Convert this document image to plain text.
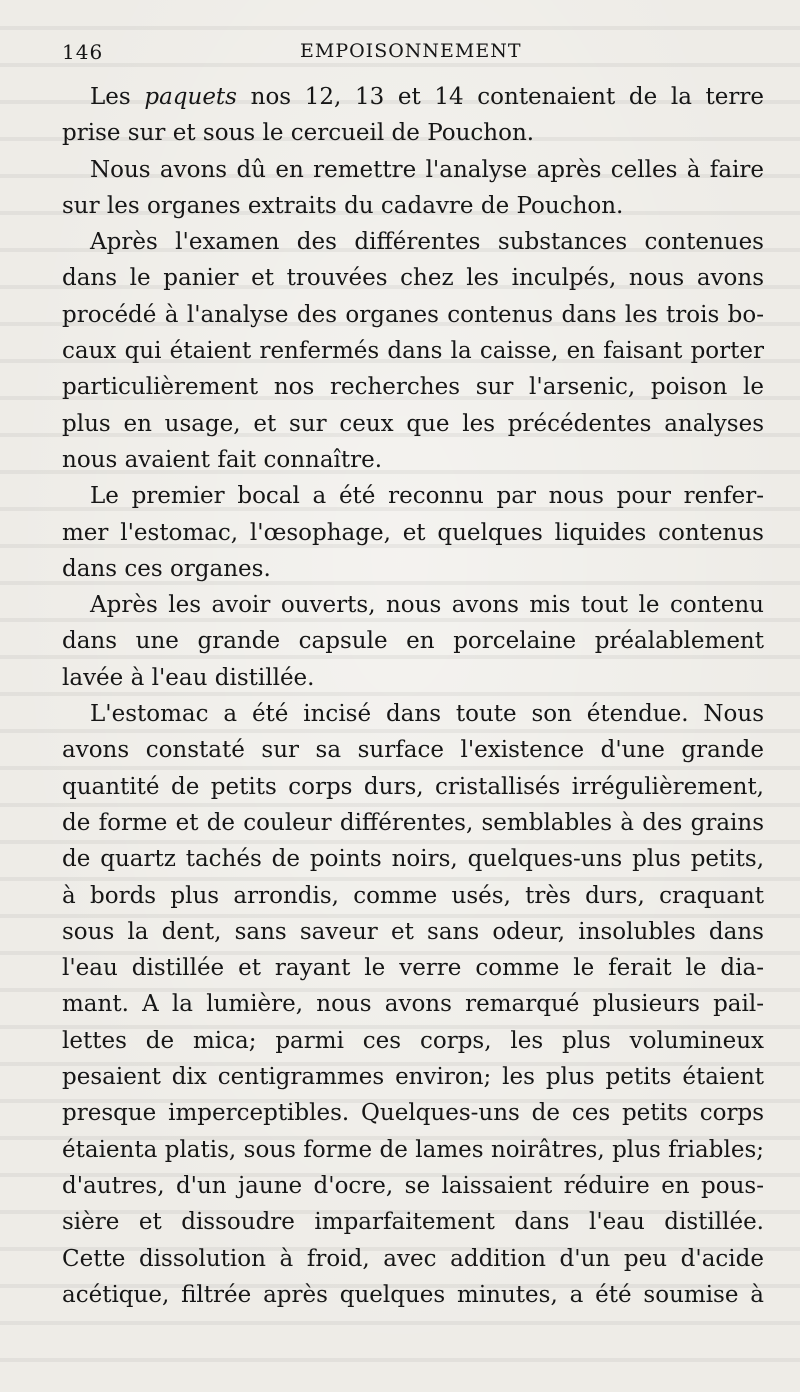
146	EMPOISONNEMENT
Les paquets nos 12, 13 et 14 contenaient de la terre
prise sur et sous le cercueil de Pouchon.
Nous avons dû en remettre l'analyse après celles à faire
sur les organes extraits du cadavre de Pouchon.
Après l'examen des différentes substances contenues
dans le panier et trouvées chez les inculpés, nous avons
procédé à l'analyse des organes contenus dans les trois bo-
caux qui étaient renfermés dans la caisse, en faisant porter
particulièrement nos recherches sur l'arsenic, poison le
plus en usage, et sur ceux que les précédentes analyses
nous avaient fait connaître.
Le premier bocal a été reconnu par nous pour renfer-
mer l'estomac, l'œsophage, et quelques liquides contenus
dans ces organes.
Après les avoir ouverts, nous avons mis tout le contenu
dans une grande capsule en porcelaine préalablement
lavée à l'eau distillée.
L'estomac a été incisé dans toute son étendue. Nous
avons constaté sur sa surface l'existence d'une grande
quantité de petits corps durs, cristallisés irrégulièrement,
de forme et de couleur différentes, semblables à des grains
de quartz tachés de points noirs, quelques-uns plus petits,
à bords plus arrondis, comme usés, très durs, craquant
sous la dent, sans saveur et sans odeur, insolubles dans
l'eau distillée et rayant le verre comme le ferait le dia-
mant. A la lumière, nous avons remarqué plusieurs pail-
lettes de mica; parmi ces corps, les plus volumineux
pesaient dix centigrammes environ; les plus petits étaient
presque imperceptibles. Quelques-uns de ces petits corps
étaienta platis, sous forme de lames noirâtres, plus friables;
d'autres, d'un jaune d'ocre, se laissaient réduire en pous-
sière et dissoudre imparfaitement dans l'eau distillée.
Cette dissolution à froid, avec addition d'un peu d'acide
acétique, filtrée après quelques minutes, a été soumise à
